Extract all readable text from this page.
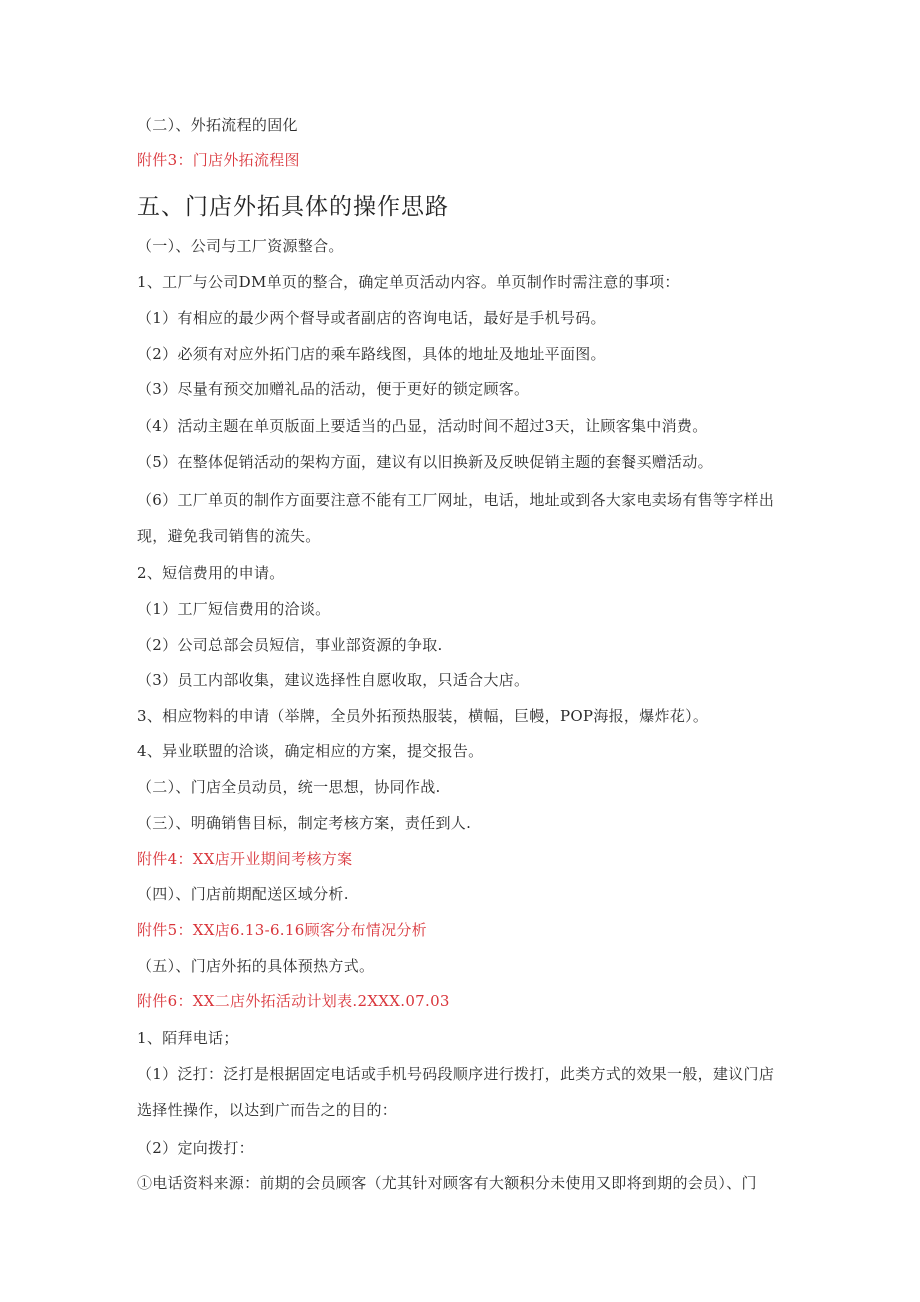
（二）、外拓流程的固化
附件3：门店外拓流程图
五、门店外拓具体的操作思路
（一）、公司与工厂资源整合。
1、工厂与公司DM单页的整合，确定单页活动内容。单页制作时需注意的事项：
（1）有相应的最少两个督导或者副店的咨询电话，最好是手机号码。
（2）必须有对应外拓门店的乘车路线图，具体的地址及地址平面图。
（3）尽量有预交加赠礼品的活动，便于更好的锁定顾客。
（4）活动主题在单页版面上要适当的凸显，活动时间不超过3天，让顾客集中消费。
（5）在整体促销活动的架构方面，建议有以旧换新及反映促销主题的套餐买赠活动。
（6）工厂单页的制作方面要注意不能有工厂网址，电话，地址或到各大家电卖场有售等字样出
现，避免我司销售的流失。
2、短信费用的申请。
（1）工厂短信费用的洽谈。
（2）公司总部会员短信，事业部资源的争取.
（3）员工内部收集，建议选择性自愿收取，只适合大店。
3、相应物料的申请（举牌，全员外拓预热服装，横幅，巨幔，POP海报，爆炸花）。
4、异业联盟的洽谈，确定相应的方案，提交报告。
（二）、门店全员动员，统一思想，协同作战.
（三）、明确销售目标，制定考核方案，责任到人.
附件4：XX店开业期间考核方案
（四）、门店前期配送区域分析.
附件5：XX店6.13-6.16顾客分布情况分析
（五）、门店外拓的具体预热方式。
附件6：XX二店外拓活动计划表.2XXX.07.03
1、陌拜电话；
（1）泛打：泛打是根据固定电话或手机号码段顺序进行拨打，此类方式的效果一般，建议门店
选择性操作，以达到广而告之的目的：
（2）定向拨打：
①电话资料来源：前期的会员顾客（尤其针对顾客有大额积分未使用又即将到期的会员）、门
